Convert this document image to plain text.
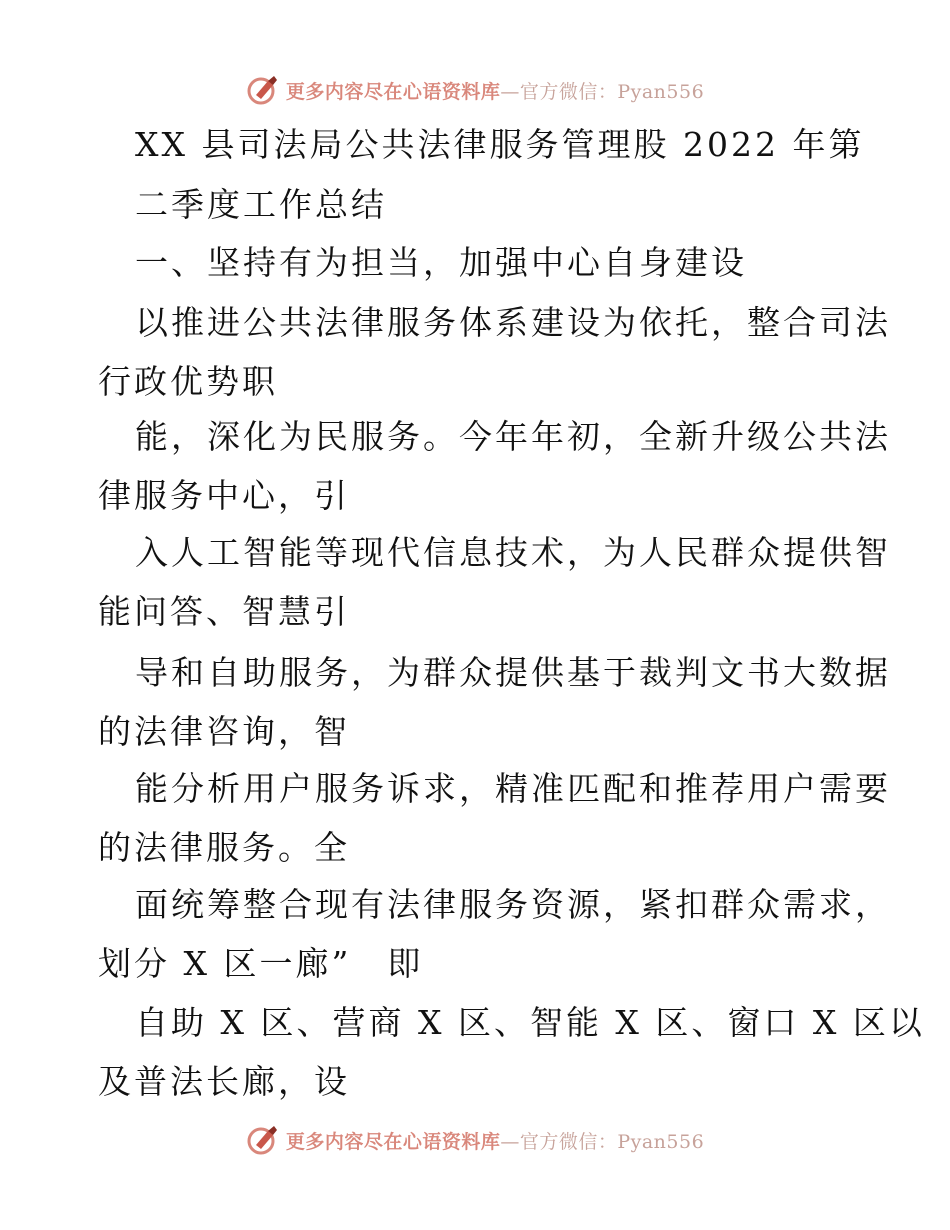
更多内容尽在心语资料库—官方微信：Pyan556
XX 县司法局公共法律服务管理股 2022 年第
二季度工作总结
一、坚持有为担当，加强中心自身建设
以推进公共法律服务体系建设为依托，整合司法
行政优势职
能，深化为民服务。今年年初，全新升级公共法
律服务中心，引
入人工智能等现代信息技术，为人民群众提供智
能问答、智慧引
导和自助服务，为群众提供基于裁判文书大数据
的法律咨询，智
能分析用户服务诉求，精准匹配和推荐用户需要
的法律服务。全
面统筹整合现有法律服务资源，紧扣群众需求，
划分 X 区一廊”　即
自助 X 区、营商 X 区、智能 X 区、窗口 X 区以
及普法长廊，设
更多内容尽在心语资料库—官方微信：Pyan556
